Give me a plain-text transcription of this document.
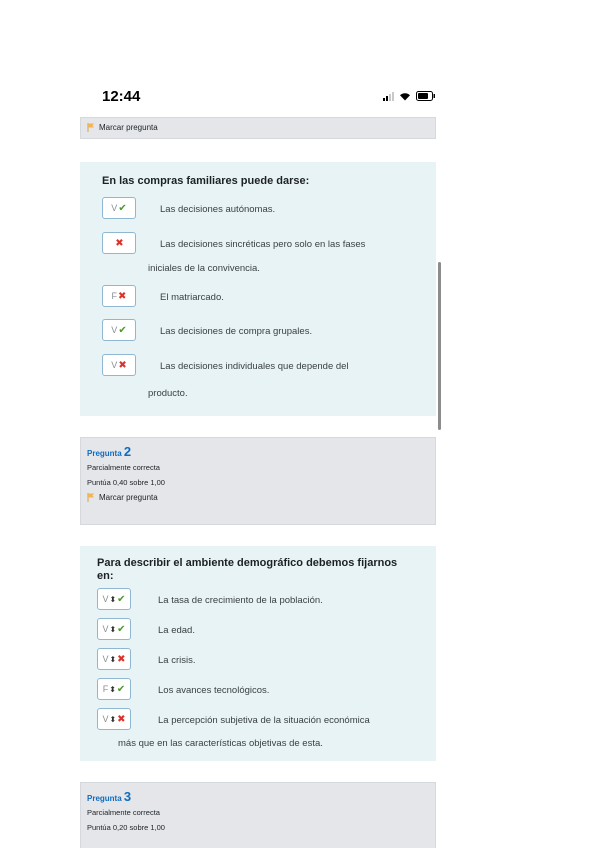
12:44
Marcar pregunta
En las compras familiares puede darse:
V ✔	Las decisiones autónomas.
✖	Las decisiones sincréticas pero solo en las fases
iniciales de la convivencia.
F ✖	El matriarcado.
V ✔	Las decisiones de compra grupales.
V ✖	Las decisiones individuales que depende del
producto.
Pregunta 2
Parcialmente correcta
Puntúa 0,40 sobre 1,00
Marcar pregunta
Para describir el ambiente demográfico debemos fijarnos
en:
V ⬍ ✔	La tasa de crecimiento de la población.
V ⬍ ✔	La edad.
V ⬍ ✖	La crisis.
F ⬍ ✔	Los avances tecnológicos.
V ⬍ ✖	La percepción subjetiva de la situación económica
más que en las características objetivas de esta.
Pregunta 3
Parcialmente correcta
Puntúa 0,20 sobre 1,00
